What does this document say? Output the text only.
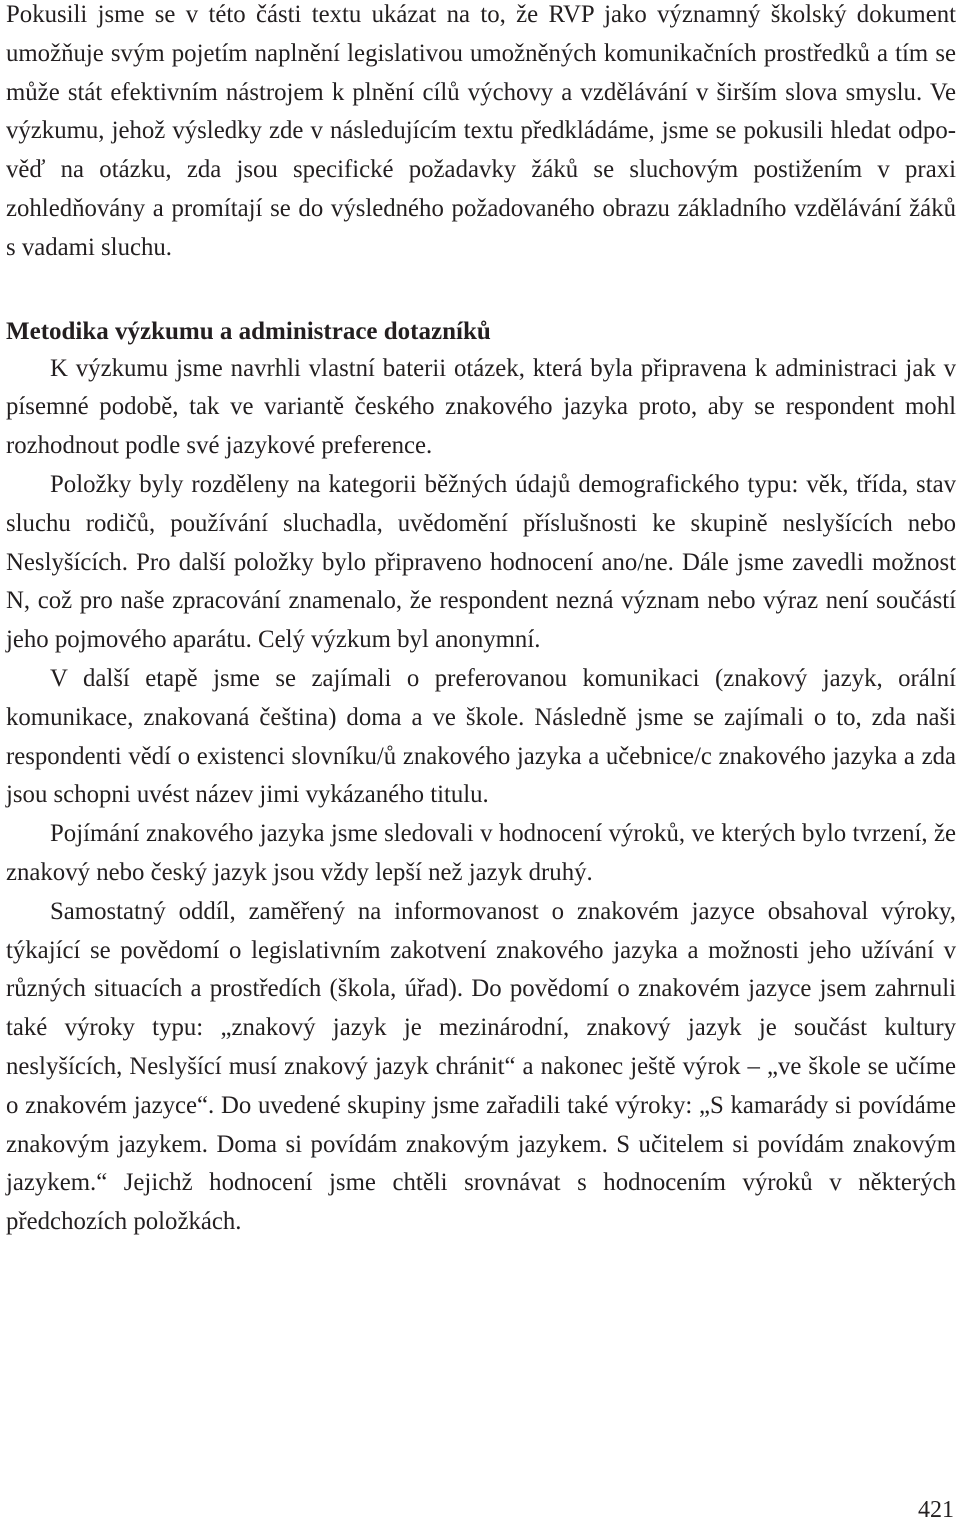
Pokusili jsme se v této části textu ukázat na to, že RVP jako významný školský dokument umožňuje svým pojetím naplnění legislativou umožněných komunikačních prostředků a tím se může stát efektivním nástrojem k plnění cílů výchovy a vzdělávání v širším slova smyslu. Ve výzkumu, jehož výsledky zde v následujícím textu předkládáme, jsme se pokusili hledat odpověď na otázku, zda jsou specifické požadavky žáků se sluchovým postižením v praxi zohledňovány a promítají se do výsledného požadovaného obrazu základního vzdělávání žáků s vadami sluchu.

Metodika výzkumu a administrace dotazníků

K výzkumu jsme navrhli vlastní baterii otázek, která byla připravena k administraci jak v písemné podobě, tak ve variantě českého znakového jazyka proto, aby se respondent mohl rozhodnout podle své jazykové preference.

Položky byly rozděleny na kategorii běžných údajů demografického typu: věk, třída, stav sluchu rodičů, používání sluchadla, uvědomění příslušnosti ke skupině neslyšících nebo Neslyšících. Pro další položky bylo připraveno hodnocení ano/ne. Dále jsme zavedli možnost N, což pro naše zpracování znamenalo, že respondent nezná význam nebo výraz není součástí jeho pojmového aparátu. Celý výzkum byl anonymní.

V další etapě jsme se zajímali o preferovanou komunikaci (znakový jazyk, orální komunikace, znakovaná čeština) doma a ve škole. Následně jsme se zajímali o to, zda naši respondenti vědí o existenci slovníku/ů znakového jazyka a učebnice/c znakového jazyka a zda jsou schopni uvést název jimi vykázaného titulu.

Pojímání znakového jazyka jsme sledovali v hodnocení výroků, ve kterých bylo tvrzení, že znakový nebo český jazyk jsou vždy lepší než jazyk druhý.

Samostatný oddíl, zaměřený na informovanost o znakovém jazyce obsahoval výroky, týkající se povědomí o legislativním zakotvení znakového jazyka a možnosti jeho užívání v různých situacích a prostředích (škola, úřad). Do povědomí o znakovém jazyce jsem zahrnuli také výroky typu: „znakový jazyk je mezinárodní, znakový jazyk je součást kultury neslyšících, Neslyšící musí znakový jazyk chránit“ a nakonec ještě výrok – „ve škole se učíme o znakovém jazyce“. Do uvedené skupiny jsme zařadili také výroky: „S kamarády si povídáme znakovým jazykem. Doma si povídám znakovým jazykem. S učitelem si povídám znakovým jazykem.“ Jejichž hodnocení jsme chtěli srovnávat s hodnocením výroků v některých předchozích položkách.

421
